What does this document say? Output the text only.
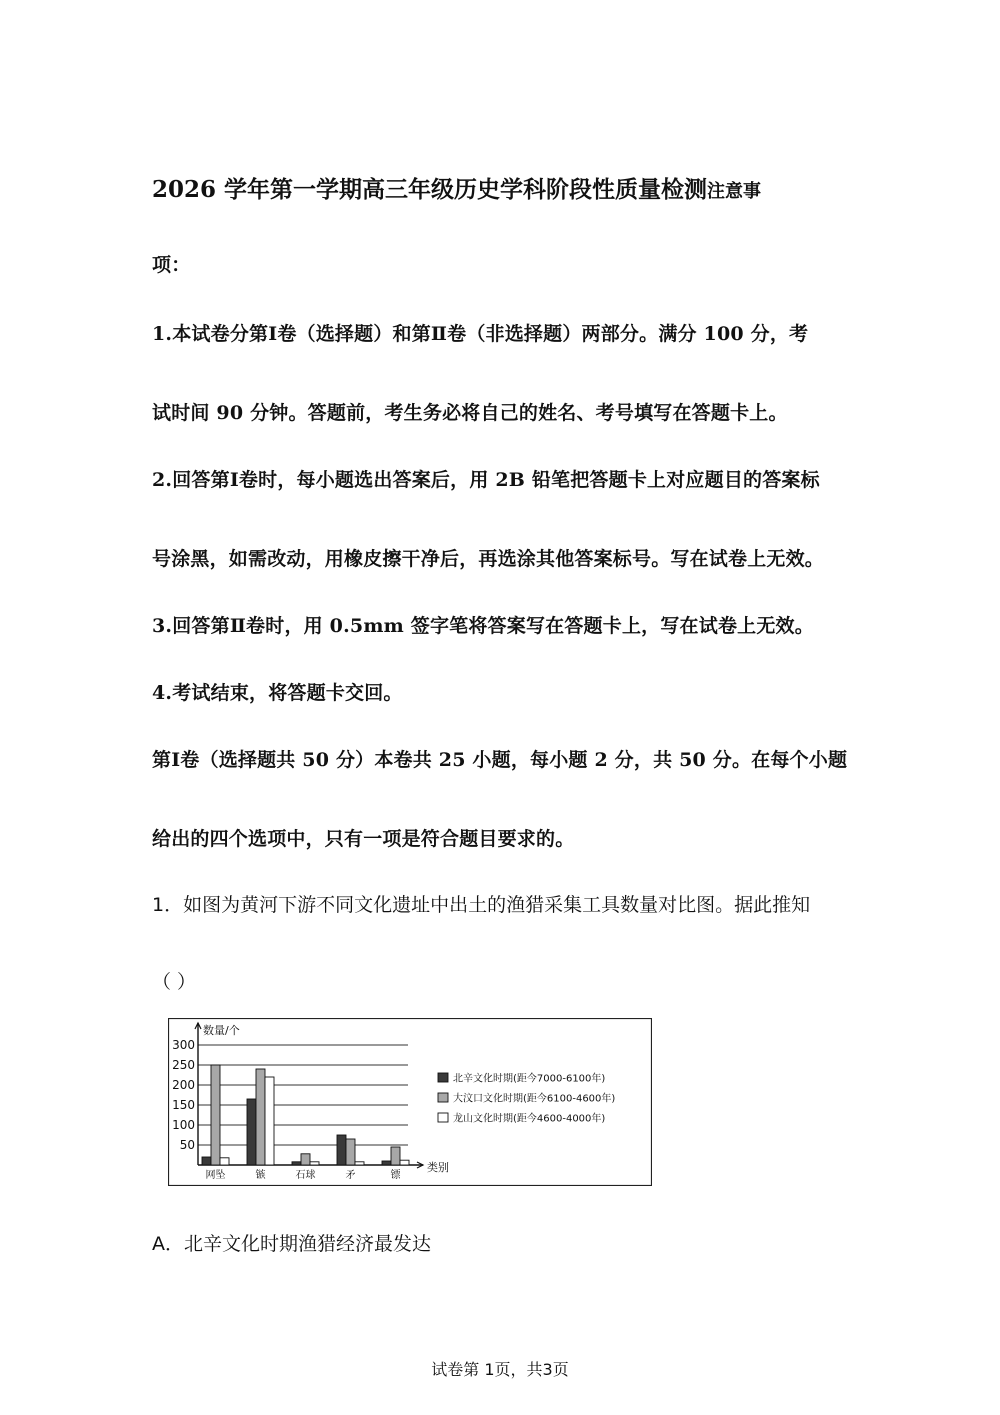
2026 学年第一学期高三年级历史学科阶段性质量检测注意事
项：
1.本试卷分第Ⅰ卷（选择题）和第Ⅱ卷（非选择题）两部分。满分 100 分，考
试时间 90 分钟。答题前，考生务必将自己的姓名、考号填写在答题卡上。
2.回答第Ⅰ卷时，每小题选出答案后，用 2B 铅笔把答题卡上对应题目的答案标
号涂黑，如需改动，用橡皮擦干净后，再选涂其他答案标号。写在试卷上无效。
3.回答第Ⅱ卷时，用 0.5mm 签字笔将答案写在答题卡上，写在试卷上无效。
4.考试结束，将答题卡交回。
第Ⅰ卷（选择题共 50 分）本卷共 25 小题，每小题 2 分，共 50 分。在每个小题
给出的四个选项中，只有一项是符合题目要求的。
1．如图为黄河下游不同文化遗址中出土的渔猎采集工具数量对比图。据此推知
（ ）
50
100
150
200
250
300
数量/个
类别
网坠	镞	石球	矛	镖
北辛文化时期(距今7000-6100年)
大汶口文化时期(距今6100-4600年)
龙山文化时期(距今4600-4000年)
A．北辛文化时期渔猎经济最发达
试卷第 1页，共3页
